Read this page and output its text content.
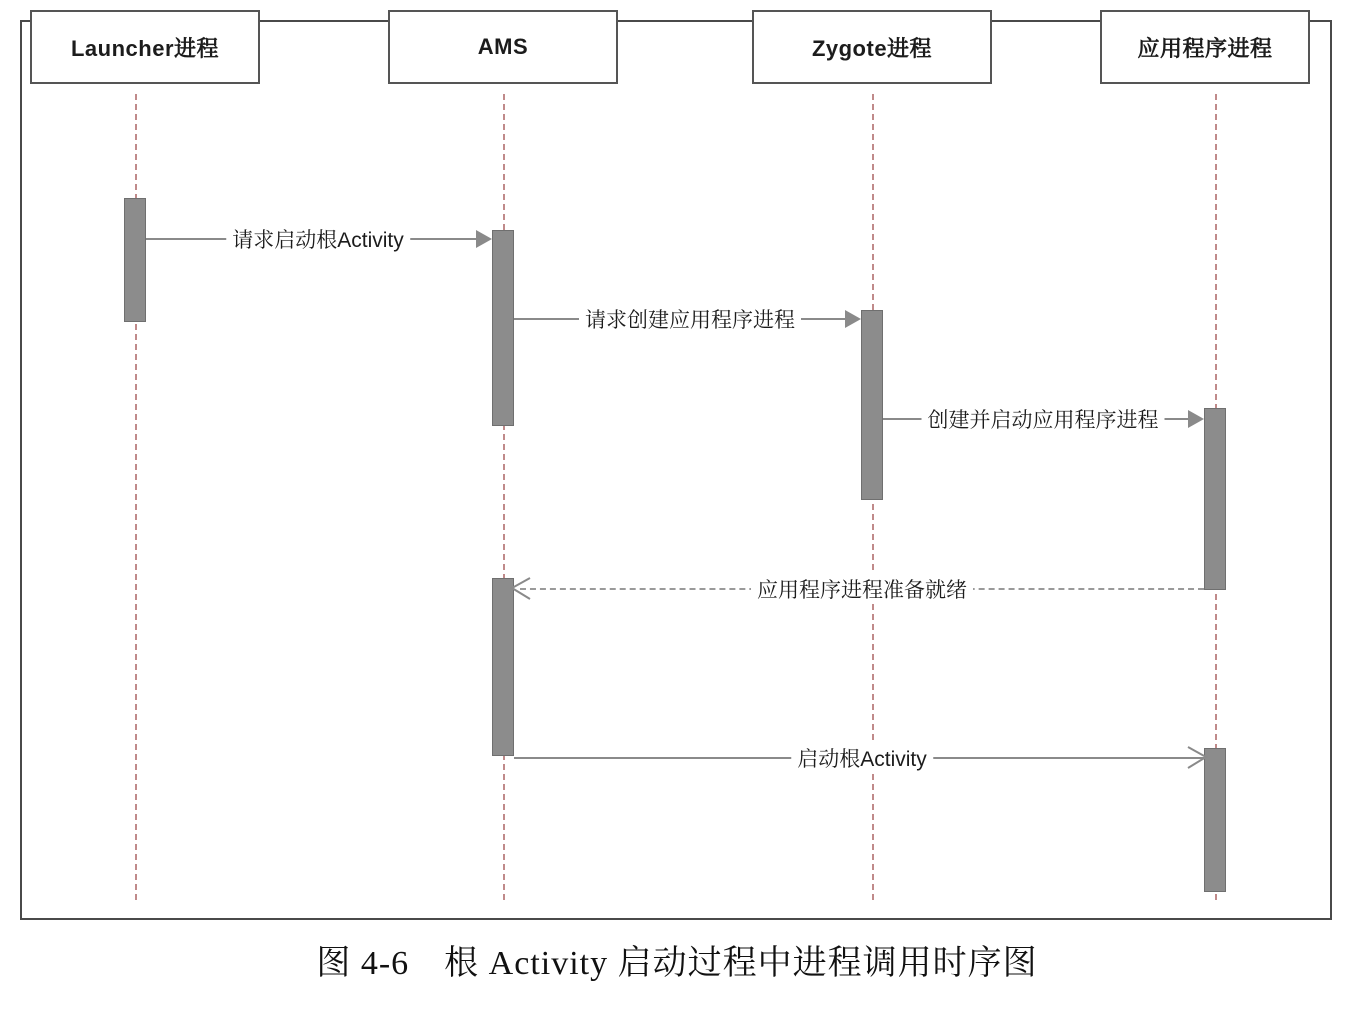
Launcher进程	AMS	Zygote进程	应用程序进程
请求启动根Activity
请求创建应用程序进程
创建并启动应用程序进程
应用程序进程准备就绪
启动根Activity
图 4-6　根 Activity 启动过程中进程调用时序图
